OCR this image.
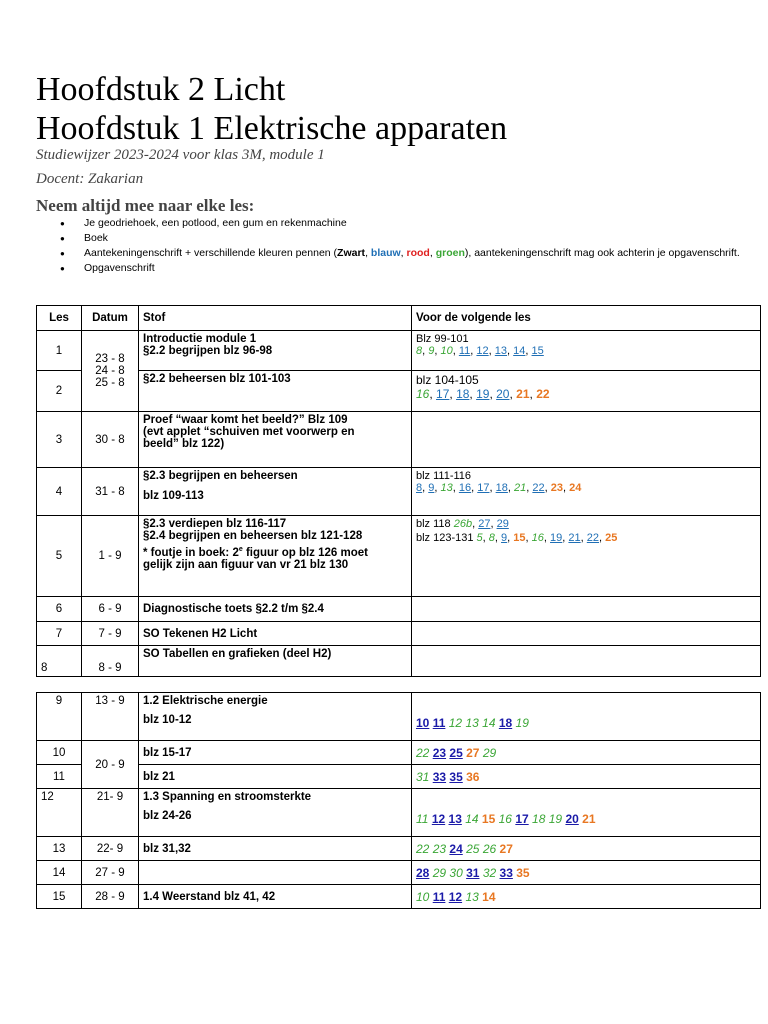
Hoofdstuk 2 Licht
Hoofdstuk 1 Elektrische apparaten
Studiewijzer 2023-2024 voor klas 3M, module 1
Docent: Zakarian
Neem altijd mee naar elke les:
● Je geodriehoek, een potlood, een gum en rekenmachine
● Boek
● Aantekeningenschrift + verschillende kleuren pennen (Zwart, blauw, rood, groen), aantekeningenschrift mag ook achterin je opgavenschrift.
● Opgavenschrift
Les	Datum	Stof	Voor de volgende les
1	23 - 8
24 - 8
25 - 8	Introductie module 1
§2.2 begrijpen blz 96-98	Blz 99-101
8, 9, 10, 11, 12, 13, 14, 15

2		§2.2 beheersen blz 101-103	blz 104-105
16, 17, 18, 19, 20, 21, 22

3	30 - 8	Proef “waar komt het beeld?” Blz 109
(evt applet “schuiven met voorwerp en
beeld” blz 122)	

4	31 - 8	§2.3 begrijpen en beheersen
blz 109-113	blz 111-116
8, 9, 13, 16, 17, 18, 21, 22, 23, 24

5	1 - 9	§2.3 verdiepen blz 116-117
§2.4 begrijpen en beheersen blz 121-128
* foutje in boek: 2e figuur op blz 126 moet
gelijk zijn aan figuur van vr 21 blz 130	blz 118 26b, 27, 29
blz 123-131 5, 8, 9, 15, 16, 19, 21, 22, 25

6	6 - 9	Diagnostische toets §2.2 t/m §2.4	
7	7 - 9	SO Tekenen H2 Licht	
8	8 - 9	SO Tabellen en grafieken (deel H2)	
9	13 - 9	1.2 Elektrische energie
blz 10-12	10 11 12 13 14 18 19

10	20 - 9	blz 15-17	22 23 25 27 29

11		blz 21	31 33 35 36

12	21- 9	1.3 Spanning en stroomsterkte
blz 24-26	11 12 13 14 15 16 17 18 19 20 21

13	22- 9	blz 31,32	22 23 24 25 26 27

14	27 - 9		28 29 30 31 32 33 35

15	28 - 9	1.4 Weerstand blz 41, 42	10 11 12 13 14
